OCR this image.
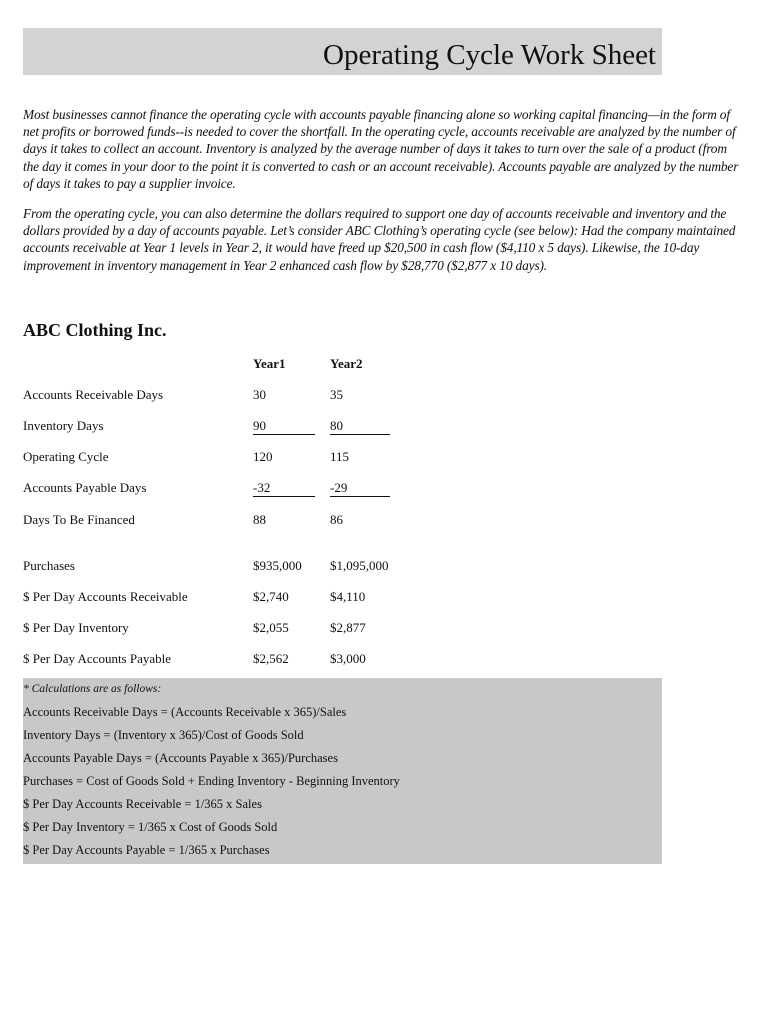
Operating Cycle Work Sheet
Most businesses cannot finance the operating cycle with accounts payable financing alone so working capital financing—in the form of net profits or borrowed funds--is needed to cover the shortfall. In the operating cycle, accounts receivable are analyzed by the number of days it takes to collect an account. Inventory is analyzed by the average number of days it takes to turn over the sale of a product (from the day it comes in your door to the point it is converted to cash or an account receivable). Accounts payable are analyzed by the number of days it takes to pay a supplier invoice.
From the operating cycle, you can also determine the dollars required to support one day of accounts receivable and inventory and the dollars provided by a day of accounts payable. Let’s consider ABC Clothing’s operating cycle (see below): Had the company maintained accounts receivable at Year 1 levels in Year 2, it would have freed up $20,500 in cash flow ($4,110 x 5 days). Likewise, the 10-day improvement in inventory management in Year 2 enhanced cash flow by $28,770 ($2,877 x 10 days).
ABC Clothing Inc.
Year1	Year2
Accounts Receivable Days	30	35
Inventory Days	90	80
Operating Cycle	120	115
Accounts Payable Days	-32	-29
Days To Be Financed	88	86
Purchases	$935,000 $1,095,000
$ Per Day Accounts Receivable	$2,740	$4,110
$ Per Day Inventory	$2,055	$2,877
$ Per Day Accounts Payable	$2,562	$3,000
* Calculations are as follows:
Accounts Receivable Days = (Accounts Receivable x 365)/Sales
Inventory Days = (Inventory x 365)/Cost of Goods Sold
Accounts Payable Days = (Accounts Payable x 365)/Purchases
Purchases = Cost of Goods Sold + Ending Inventory - Beginning Inventory
$ Per Day Accounts Receivable = 1/365 x Sales
$ Per Day Inventory = 1/365 x Cost of Goods Sold
$ Per Day Accounts Payable = 1/365 x Purchases
